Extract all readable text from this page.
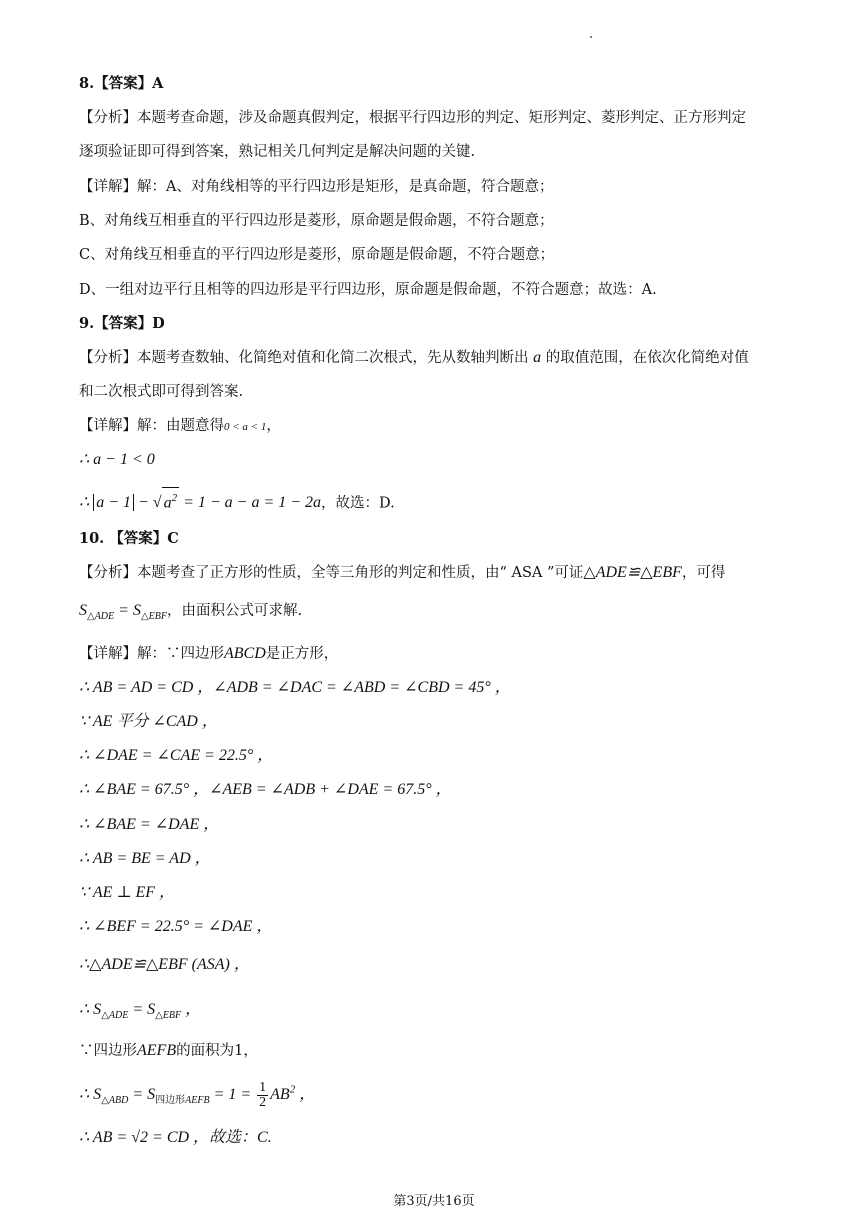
8.【答案】A
【分析】本题考查命题，涉及命题真假判定，根据平行四边形的判定、矩形判定、菱形判定、正方形判定
逐项验证即可得到答案，熟记相关几何判定是解决问题的关键.
【详解】解：A、对角线相等的平行四边形是矩形，是真命题，符合题意；
B、对角线互相垂直的平行四边形是菱形，原命题是假命题，不符合题意；
C、对角线互相垂直的平行四边形是菱形，原命题是假命题，不符合题意；
D、一组对边平行且相等的四边形是平行四边形，原命题是假命题，不符合题意；故选：A.
9.【答案】D
【分析】本题考查数轴、化简绝对值和化简二次根式，先从数轴判断出 a 的取值范围，在依次化简绝对值
和二次根式即可得到答案.
【详解】解：由题意得0 < a < 1，
∴ a − 1 < 0
∴ a − 1 − √ $a^2 = 1 - a - a = 1 - 2a$，故选：D.
10. 【答案】C
【分析】本题考查了正方形的性质，全等三角形的判定和性质，由“ ASA ”可证△ADE≌△EBF，可得
$S_{\triangle ADE} = S_{\triangle EBF}$，由面积公式可求解.
【详解】解：∵四边形ABCD是正方形，
∴ AB = AD = CD ，∠ADB = ∠DAC = ∠ABD = ∠CBD = 45° ，
∵ AE 平分 ∠CAD ，
∴ ∠DAE = ∠CAE = 22.5° ，
∴ ∠BAE = 67.5° ，∠AEB = ∠ADB + ∠DAE = 67.5° ，
∴ ∠BAE = ∠DAE ，
∴ AB = BE = AD ，
∵ AE ⊥ EF ，
∴ ∠BEF = 22.5° = ∠DAE ，
∴△ADE≌△EBF (ASA) ，
∴ $S_{\triangle ADE} = S_{\triangle EBF}$ ，
∵四边形AEFB的面积为1，
∴ $S_{\triangle ABD} = S_{四边形AEFB} = 1 = \frac{1}{2} AB^2$ ，
∴ AB = √2 = CD ，故选：C.
第3页/共16页
